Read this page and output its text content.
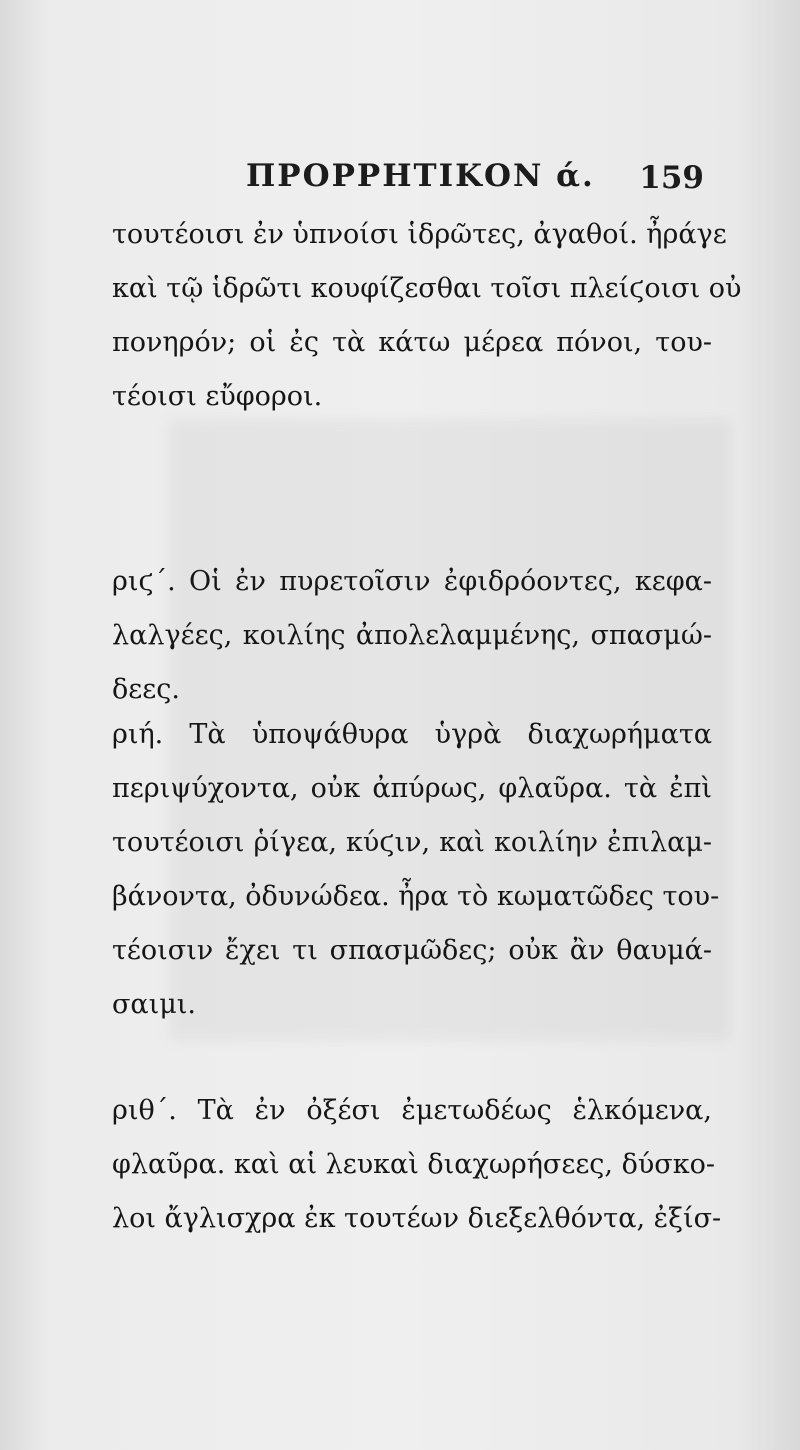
ΠΡΟΡΡΗΤΙΚΟΝ ά. 159
τουτέοισι ἐν ὑπνοίσι ἱδρῶτες, ἀγαθοί. ἦράγε
καὶ τῷ ἱδρῶτι κουφίζεσθαι τοῖσι πλείϛοισι οὐ
πονηρόν; οἱ ἐς τὰ κάτω μέρεα πόνοι, του-
τέοισι εὔφοροι.
ριϛ΄. Οἱ ἐν πυρετοῖσιν ἐφιδρόοντες, κεφα-
λαλγέες, κοιλίης ἀπολελαμμένης, σπασμώ-
δεες.
ριή. Τὰ ὑποψάθυρα ὑγρὰ διαχωρήματα
περιψύχοντα, οὐκ ἀπύρως, φλαῦρα. τὰ ἐπὶ
τουτέοισι ῥίγεα, κύϛιν, καὶ κοιλίην ἐπιλαμ-
βάνοντα, ὀδυνώδεα. ἦρα τὸ κωματῶδες του-
τέοισιν ἔχει τι σπασμῶδες; οὐκ ἂν θαυμά-
σαιμι.
ριθ΄. Τὰ ἐν ὀξέσι ἐμετωδέως ἑλκόμενα,
φλαῦρα. καὶ αἱ λευκαὶ διαχωρήσεες, δύσκο-
λοι ἄγλισχρα ἐκ τουτέων διεξελθόντα, ἐξίσ-
